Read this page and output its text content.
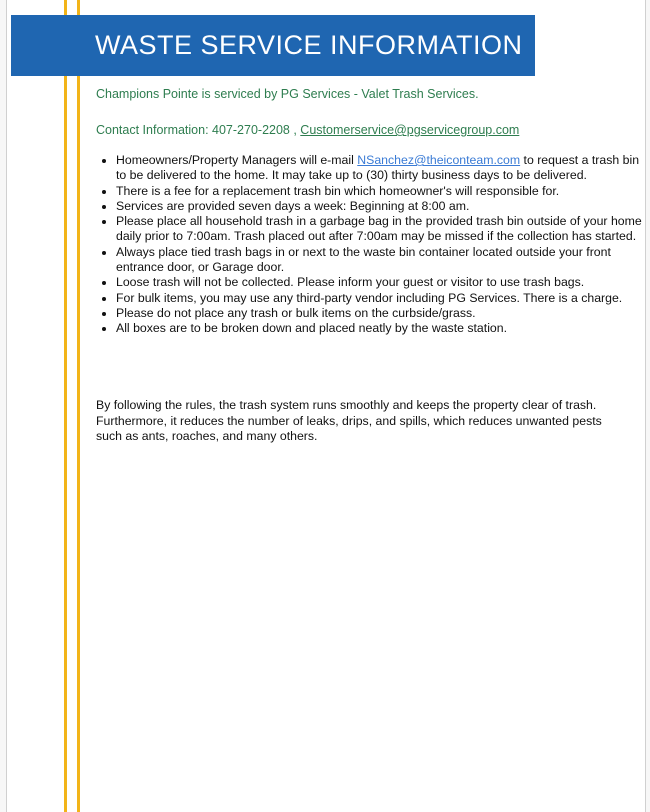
WASTE SERVICE INFORMATION
Champions Pointe is serviced by PG Services - Valet Trash Services.
Contact Information: 407-270-2208 , Customerservice@pgservicegroup.com
• Homeowners/Property Managers will e-mail NSanchez@theiconteam.com to request a trash bin to be delivered to the home. It may take up to (30) thirty business days to be delivered.
• There is a fee for a replacement trash bin which homeowner's will responsible for.
• Services are provided seven days a week: Beginning at 8:00 am.
• Please place all household trash in a garbage bag in the provided trash bin outside of your home daily prior to 7:00am. Trash placed out after 7:00am may be missed if the collection has started.
• Always place tied trash bags in or next to the waste bin container located outside your front entrance door, or Garage door.
• Loose trash will not be collected. Please inform your guest or visitor to use trash bags.
• For bulk items, you may use any third-party vendor including PG Services. There is a charge.
• Please do not place any trash or bulk items on the curbside/grass.
• All boxes are to be broken down and placed neatly by the waste station.

By following the rules, the trash system runs smoothly and keeps the property clear of trash. Furthermore, it reduces the number of leaks, drips, and spills, which reduces unwanted pests such as ants, roaches, and many others.
